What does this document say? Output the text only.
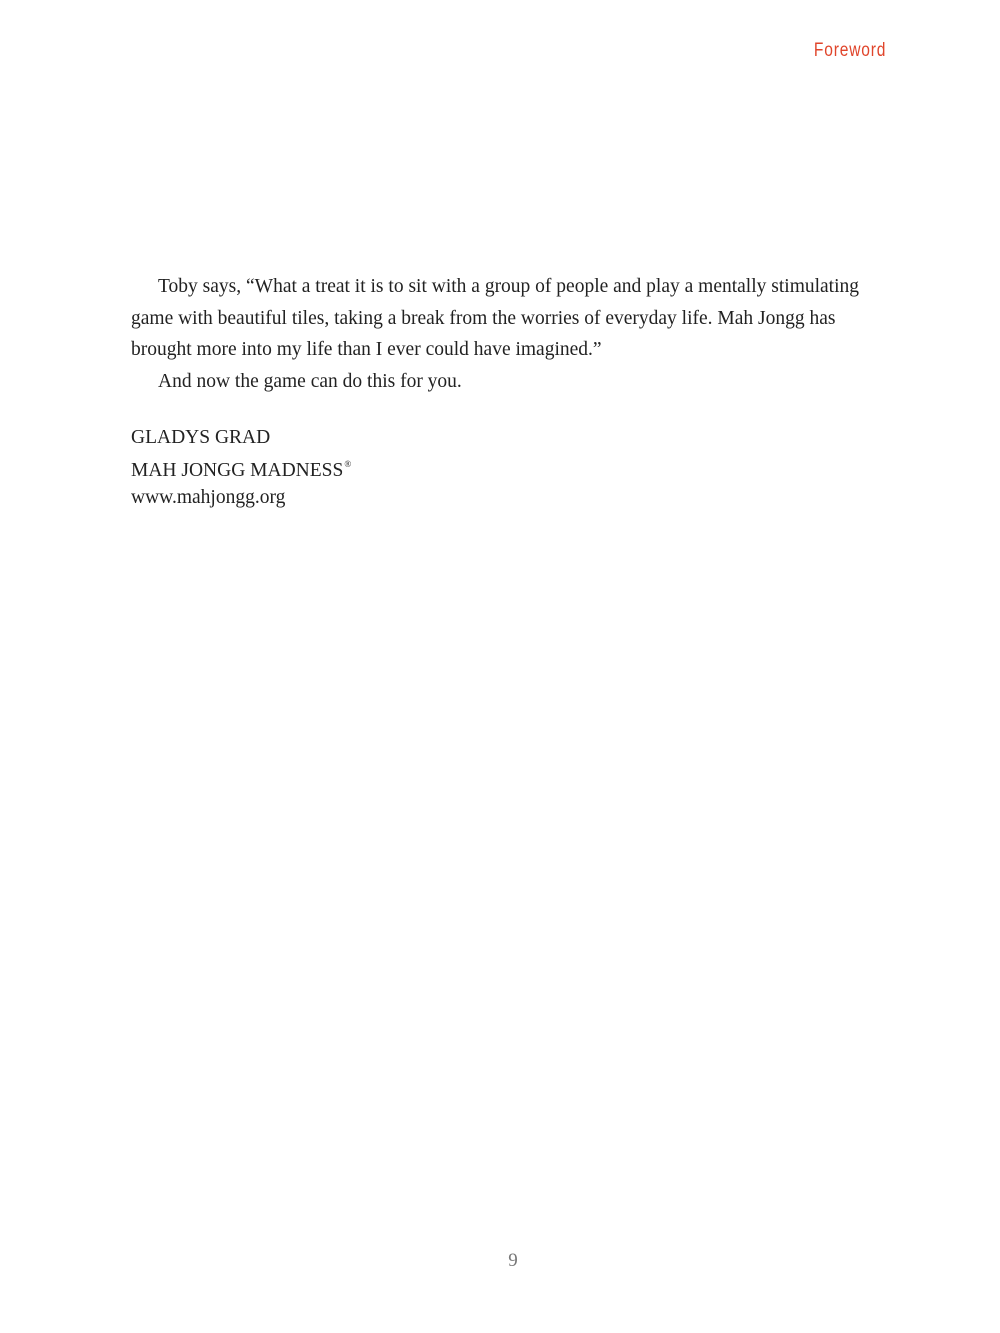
Foreword

Toby says, “What a treat it is to sit with a group of people and play a mentally stimulating game with beautiful tiles, taking a break from the worries of everyday life. Mah Jongg has brought more into my life than I ever could have imagined.”

And now the game can do this for you.

GLADYS GRAD
MAH JONGG MADNESS®
www.mahjongg.org
9
